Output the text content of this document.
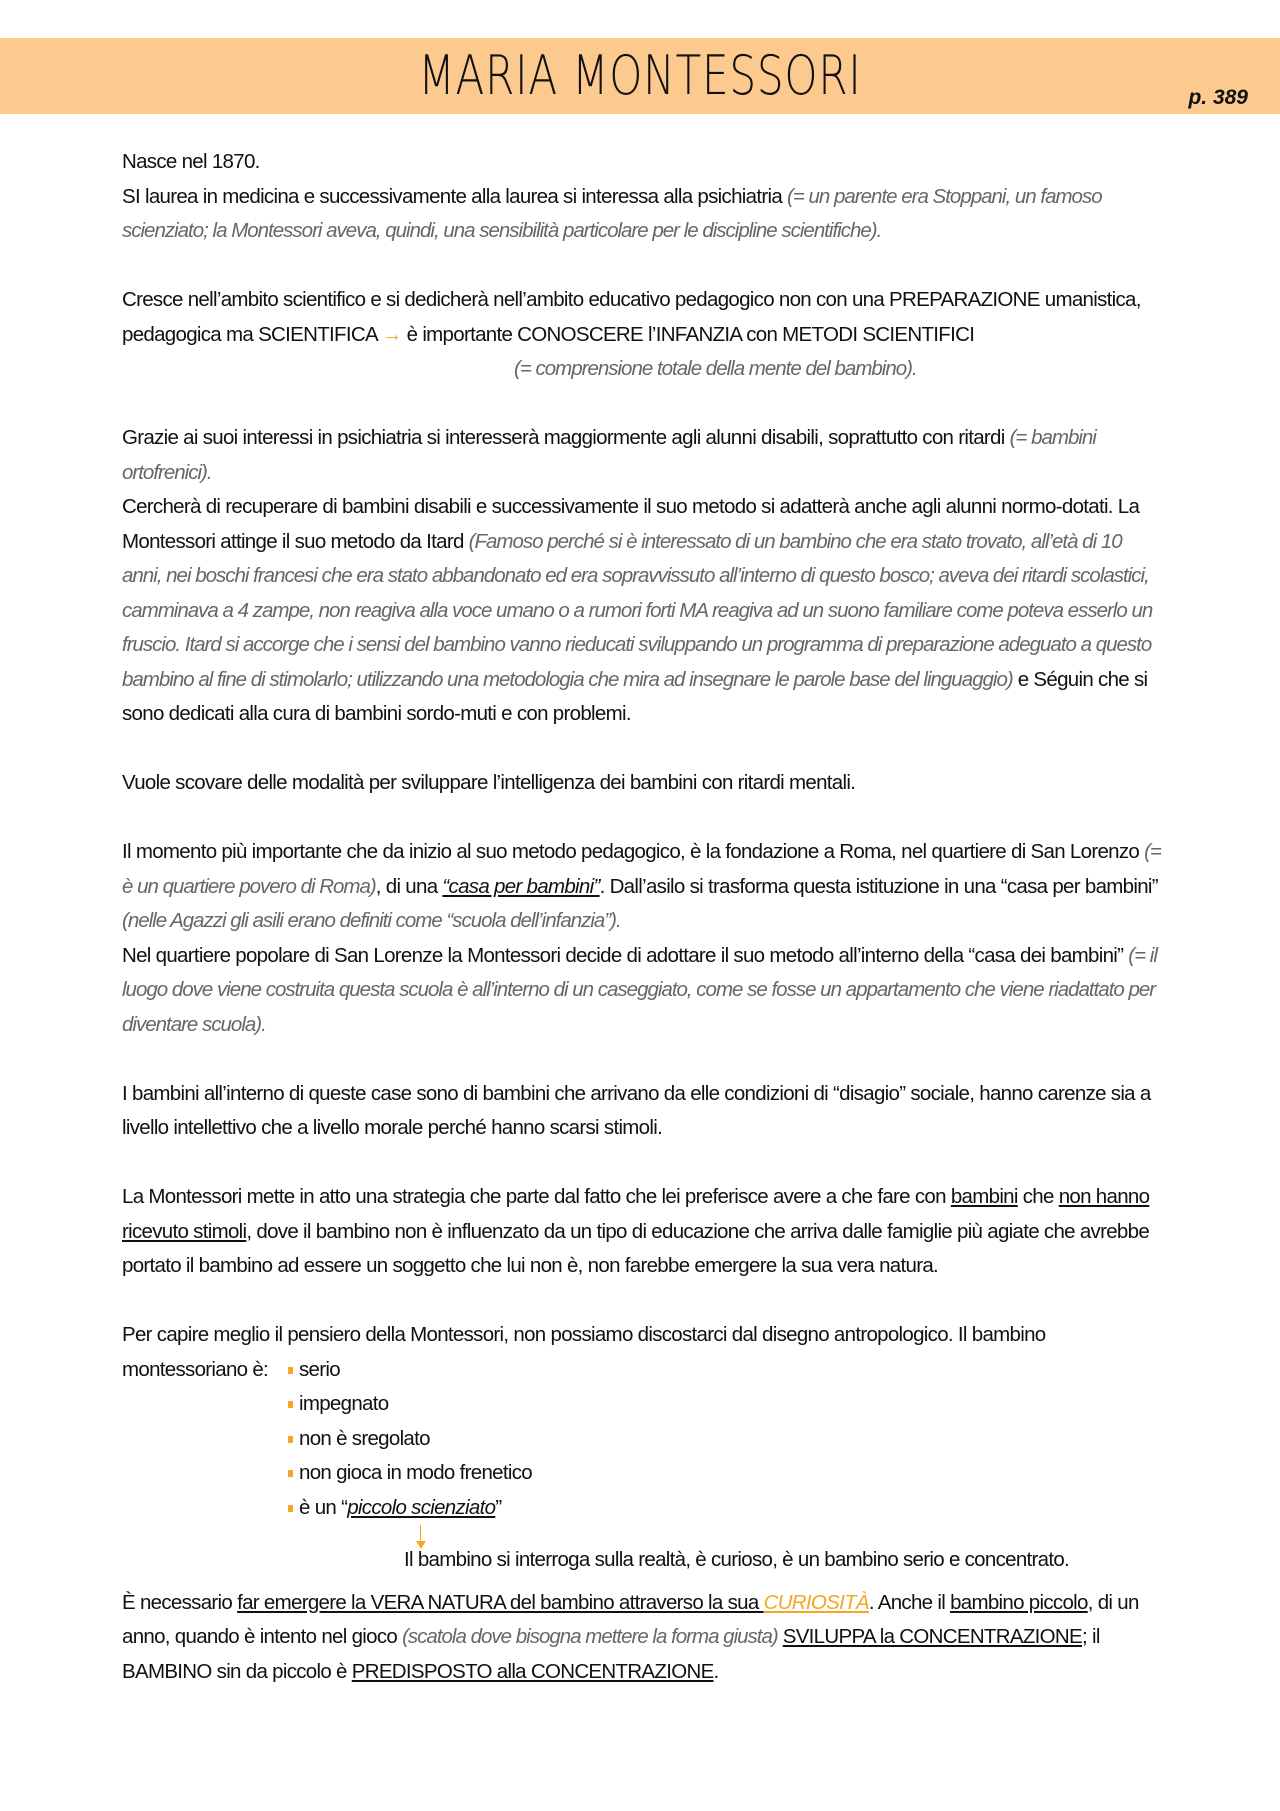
MARIA MONTESSORI	p. 389
Nasce nel 1870.
SI laurea in medicina e successivamente alla laurea si interessa alla psichiatria (= un parente era Stoppani, un famoso scienziato; la Montessori aveva, quindi, una sensibilità particolare per le discipline scientifiche).
Cresce nell’ambito scientifico e si dedicherà nell’ambito educativo pedagogico non con una PREPARAZIONE umanistica, pedagogica ma SCIENTIFICA → è importante CONOSCERE l’INFANZIA con METODI SCIENTIFICI
(= comprensione totale della mente del bambino).
Grazie ai suoi interessi in psichiatria si interesserà maggiormente agli alunni disabili, soprattutto con ritardi (= bambini ortofrenici).
Cercherà di recuperare di bambini disabili e successivamente il suo metodo si adatterà anche agli alunni normo-dotati. La Montessori attinge il suo metodo da Itard (Famoso perché si è interessato di un bambino che era stato trovato, all’età di 10 anni, nei boschi francesi che era stato abbandonato ed era sopravvissuto all’interno di questo bosco; aveva dei ritardi scolastici, camminava a 4 zampe, non reagiva alla voce umano o a rumori forti MA reagiva ad un suono familiare come poteva esserlo un fruscio. Itard si accorge che i sensi del bambino vanno rieducati sviluppando un programma di preparazione adeguato a questo bambino al fine di stimolarlo; utilizzando una metodologia che mira ad insegnare le parole base del linguaggio) e Séguin che si sono dedicati alla cura di bambini sordo-muti e con problemi.
Vuole scovare delle modalità per sviluppare l’intelligenza dei bambini con ritardi mentali.
Il momento più importante che da inizio al suo metodo pedagogico, è la fondazione a Roma, nel quartiere di San Lorenzo (= è un quartiere povero di Roma), di una “casa per bambini”. Dall’asilo si trasforma questa istituzione in una “casa per bambini” (nelle Agazzi gli asili erano definiti come “scuola dell’infanzia”).
Nel quartiere popolare di San Lorenze la Montessori decide di adottare il suo metodo all’interno della “casa dei bambini” (= il luogo dove viene costruita questa scuola è all’interno di un caseggiato, come se fosse un appartamento che viene riadattato per diventare scuola).
I bambini all’interno di queste case sono di bambini che arrivano da elle condizioni di “disagio” sociale, hanno carenze sia a livello intellettivo che a livello morale perché hanno scarsi stimoli.
La Montessori mette in atto una strategia che parte dal fatto che lei preferisce avere a che fare con bambini che non hanno ricevuto stimoli, dove il bambino non è influenzato da un tipo di educazione che arriva dalle famiglie più agiate che avrebbe portato il bambino ad essere un soggetto che lui non è, non farebbe emergere la sua vera natura.
Per capire meglio il pensiero della Montessori, non possiamo discostarci dal disegno antropologico. Il bambino montessoriano è:	serio
impegnato
non è sregolato
non gioca in modo frenetico
è un “piccolo scienziato”
Il bambino si interroga sulla realtà, è curioso, è un bambino serio e concentrato.
È necessario far emergere la VERA NATURA del bambino attraverso la sua CURIOSITÀ. Anche il bambino piccolo, di un anno, quando è intento nel gioco (scatola dove bisogna mettere la forma giusta) SVILUPPA la CONCENTRAZIONE; il BAMBINO sin da piccolo è PREDISPOSTO alla CONCENTRAZIONE.
